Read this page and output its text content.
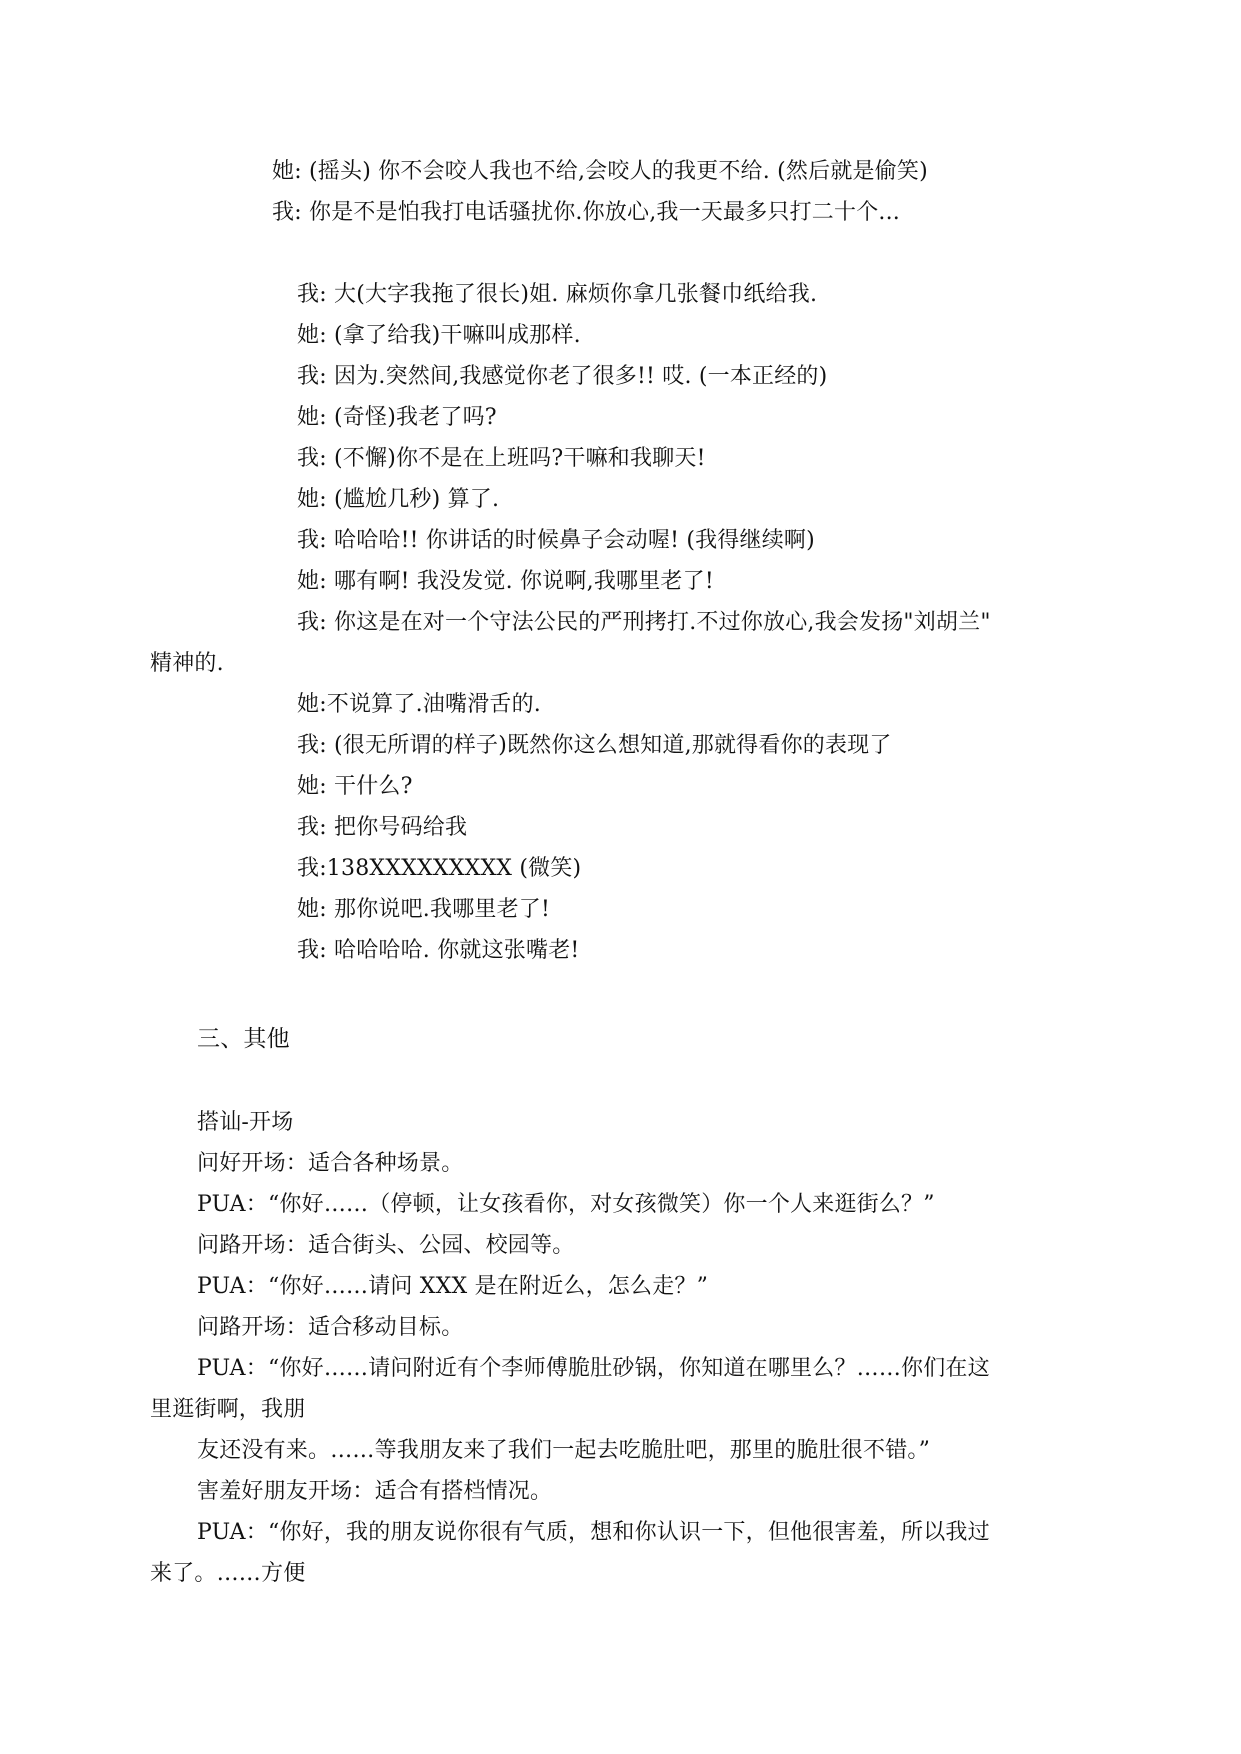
她: (摇头) 你不会咬人我也不给,会咬人的我更不给. (然后就是偷笑)
我: 你是不是怕我打电话骚扰你.你放心,我一天最多只打二十个...
我: 大(大字我拖了很长)姐. 麻烦你拿几张餐巾纸给我.
她: (拿了给我)干嘛叫成那样.
我: 因为.突然间,我感觉你老了很多!! 哎. (一本正经的)
她: (奇怪)我老了吗?
我: (不懈)你不是在上班吗?干嘛和我聊天!
她: (尴尬几秒) 算了.
我: 哈哈哈!! 你讲话的时候鼻子会动喔! (我得继续啊)
她: 哪有啊! 我没发觉. 你说啊,我哪里老了!
我: 你这是在对一个守法公民的严刑拷打.不过你放心,我会发扬"刘胡兰"
精神的.
她:不说算了.油嘴滑舌的.
我: (很无所谓的样子)既然你这么想知道,那就得看你的表现了
她: 干什么?
我: 把你号码给我
我:138XXXXXXXXX (微笑)
她: 那你说吧.我哪里老了!
我: 哈哈哈哈. 你就这张嘴老!
三、其他
搭讪-开场
问好开场：适合各种场景。
PUA：“你好……（停顿，让女孩看你，对女孩微笑）你一个人来逛街么？”
问路开场：适合街头、公园、校园等。
PUA：“你好……请问 XXX 是在附近么，怎么走？”
问路开场：适合移动目标。
PUA：“你好……请问附近有个李师傅脆肚砂锅，你知道在哪里么？……你们在这
里逛街啊，我朋
友还没有来。……等我朋友来了我们一起去吃脆肚吧，那里的脆肚很不错。”
害羞好朋友开场：适合有搭档情况。
PUA：“你好，我的朋友说你很有气质，想和你认识一下，但他很害羞，所以我过
来了。……方便
